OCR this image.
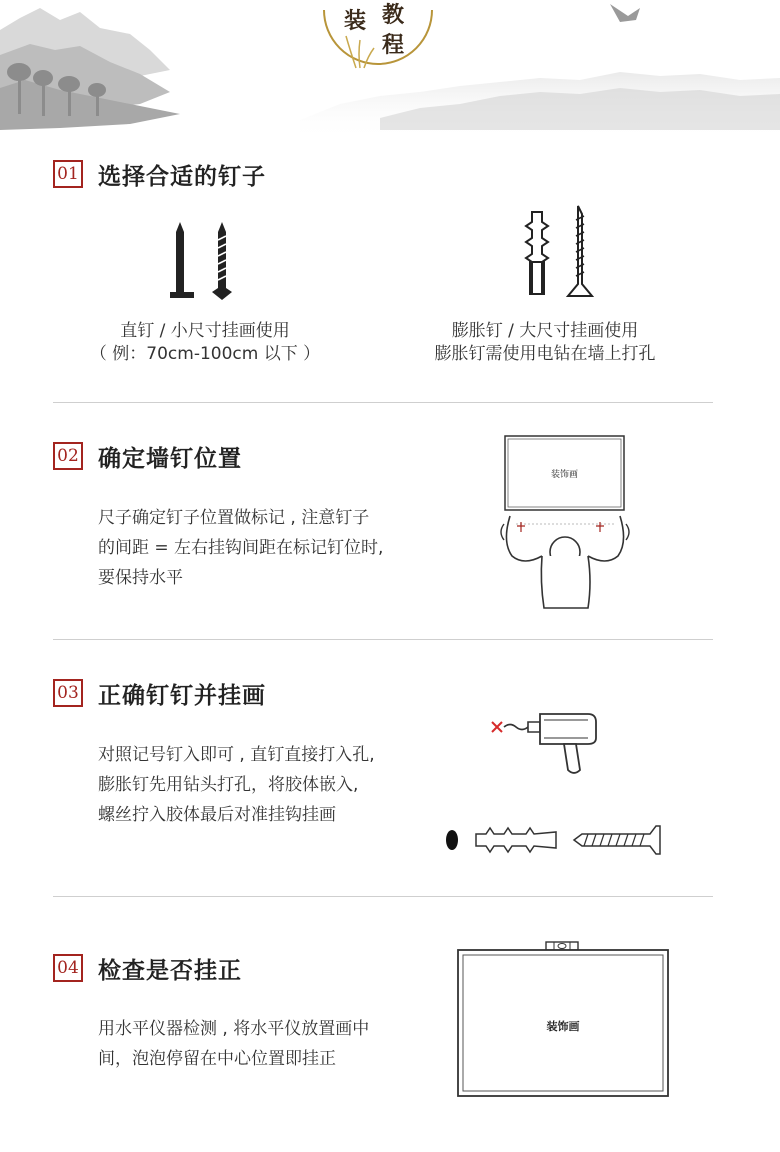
装 教
程
01 选择合适的钉子
直钉 / 小尺寸挂画使用
（ 例：70cm-100cm 以下 ）
膨胀钉 / 大尺寸挂画使用
膨胀钉需使用电钻在墙上打孔
02 确定墙钉位置
尺子确定钉子位置做标记 , 注意钉子
的间距 = 左右挂钩间距在标记钉位时,
要保持水平
装饰画
03 正确钉钉并挂画
对照记号钉入即可 , 直钉直接打入孔,
膨胀钉先用钻头打孔，将胶体嵌入,
螺丝拧入胶体最后对准挂钩挂画
04 检查是否挂正
用水平仪器检测 , 将水平仪放置画中
间，泡泡停留在中心位置即挂正
装饰画
